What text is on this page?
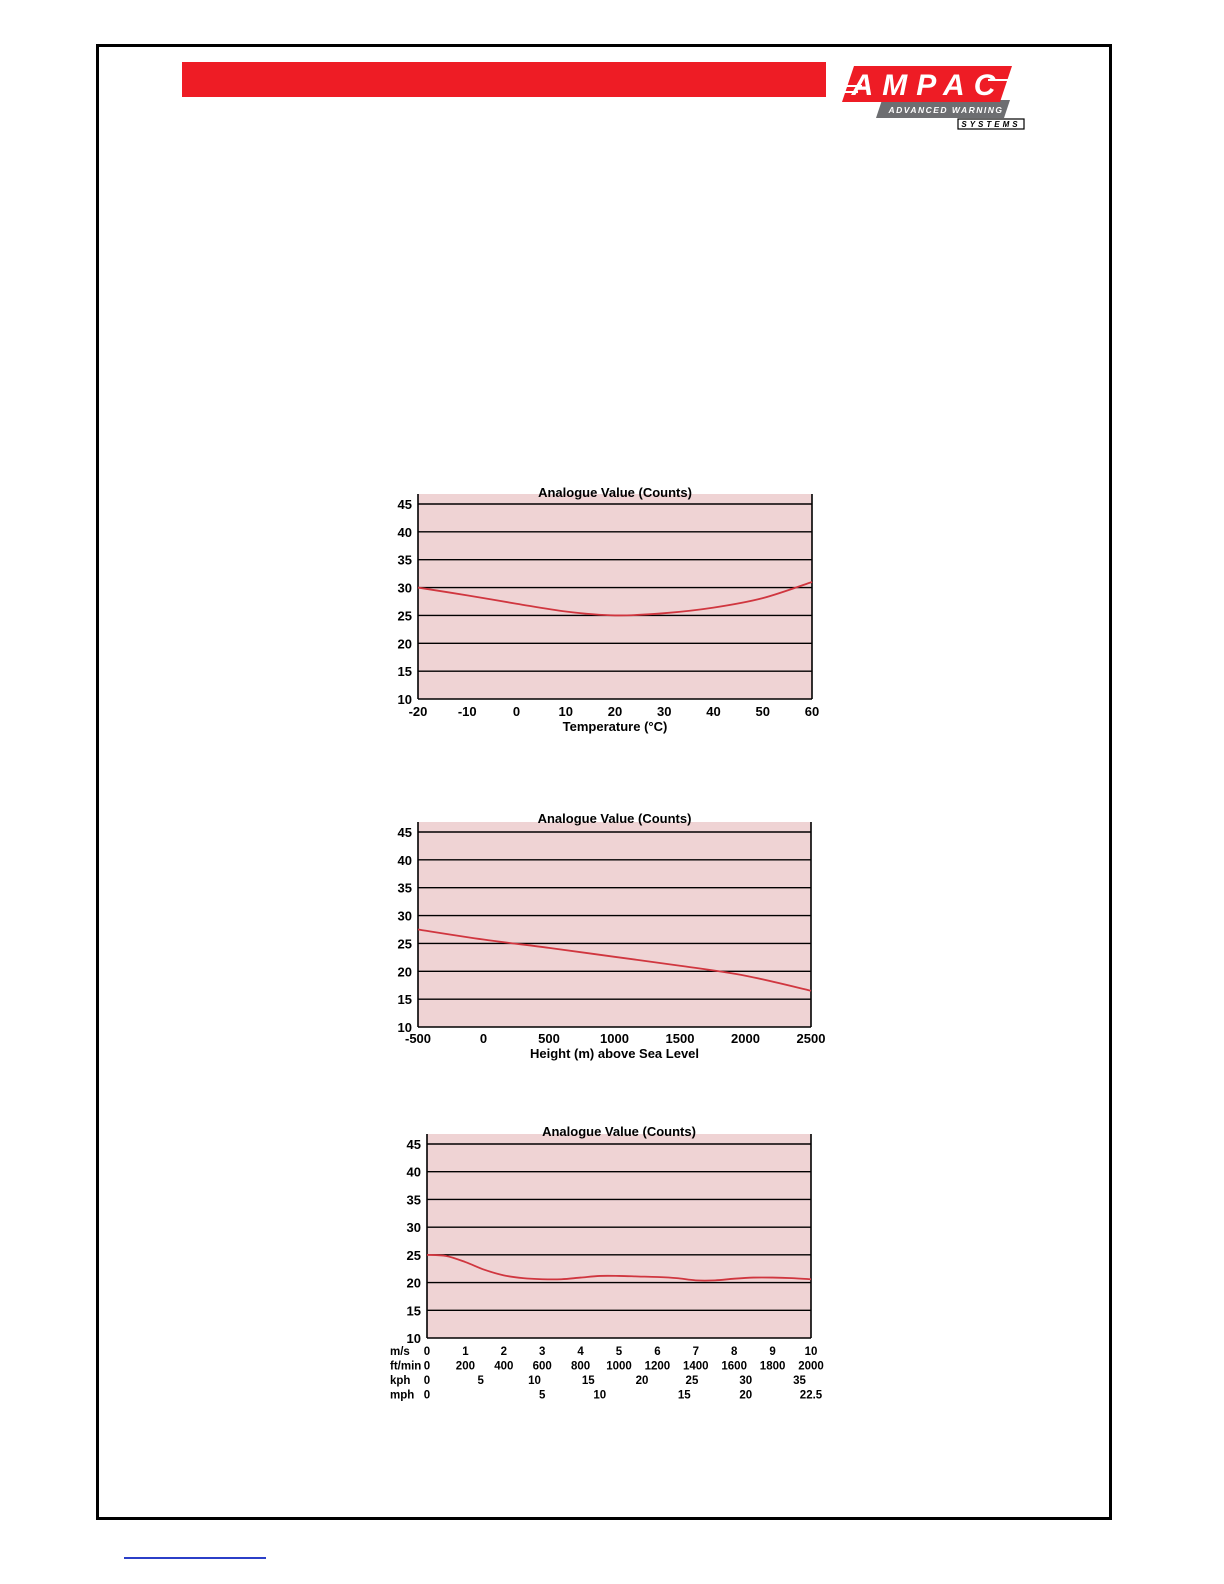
AMPAC
ADVANCED WARNING
SYSTEMS
Analogue Value (Counts)
45
40
35
30
25
20
15
10
-20 -10	0	10	20	30	40	50	60
Temperature (°C)
Analogue Value (Counts)
45
40
35
30
25
20
15
10
-500	0	500	1000	1500	2000	2500
Height (m) above Sea Level
Analogue Value (Counts)
45
40
35
30
25
20
15
10
m/s 0	1	2	3	4	5	6	7	8	9	10
ft/min 0 200 400 600 800 1000 1200 1400 1600 1800 2000
kph 0	5	10	15	20	25	30	35
mph 0	5	10	15	20	22.5
